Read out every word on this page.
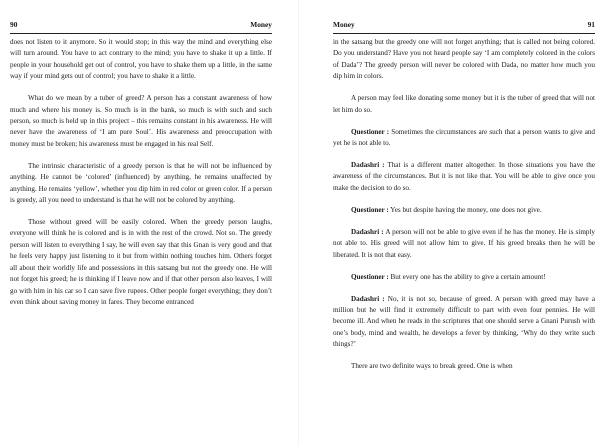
90	Money

does not listen to it anymore. So it would stop; in this way the mind and everything else will turn around. You have to act contrary to the mind; you have to shake it up a little. If people in your household get out of control, you have to shake them up a little, in the same way if your mind gets out of control; you have to shake it a little.

What do we mean by a tuber of greed? A person has a constant awareness of how much and where his money is. So much is in the bank, so much is with such and such person, so much is held up in this project – this remains constant in his awareness. He will never have the awareness of ‘I am pure Soul’. His awareness and preoccupation with money must be broken; his awareness must be engaged in his real Self.

The intrinsic characteristic of a greedy person is that he will not be influenced by anything. He cannot be ‘colored’ (influenced) by anything, he remains unaffected by anything. He remains ‘yellow’, whether you dip him in red color or green color. If a person is greedy, all you need to understand is that he will not be colored by anything.

Those without greed will be easily colored. When the greedy person laughs, everyone will think he is colored and is in with the rest of the crowd. Not so. The greedy person will listen to everything I say, he will even say that this Gnan is very good and that he feels very happy just listening to it but from within nothing touches him. Others forget all about their worldly life and possessions in this satsang but not the greedy one. He will not forget his greed; he is thinking if I leave now and if that other person also leaves, I will go with him in his car so I can save five rupees. Other people forget everything; they don’t even think about saving money in fares. They become entranced

Money	91

in the satsang but the greedy one will not forget anything; that is called not being colored. Do you understand? Have you not heard people say ‘I am completely colored in the colors of Dada’? The greedy person will never be colored with Dada, no matter how much you dip him in colors.

A person may feel like donating some money but it is the tuber of greed that will not let him do so.

Questioner : Sometimes the circumstances are such that a person wants to give and yet he is not able to.

Dadashri : That is a different matter altogether. In those situations you have the awareness of the circumstances. But it is not like that. You will be able to give once you make the decision to do so.

Questioner : Yes but despite having the money, one does not give.

Dadashri : A person will not be able to give even if he has the money. He is simply not able to. His greed will not allow him to give. If his greed breaks then he will be liberated. It is not that easy.

Questioner : But every one has the ability to give a certain amount!

Dadashri : No, it is not so, because of greed. A person with greed may have a million but he will find it extremely difficult to part with even four pennies. He will become ill. And when he reads in the scriptures that one should serve a Gnani Purush with one’s body, mind and wealth, he develops a fever by thinking, ‘Why do they write such things?’

There are two definite ways to break greed. One is when
